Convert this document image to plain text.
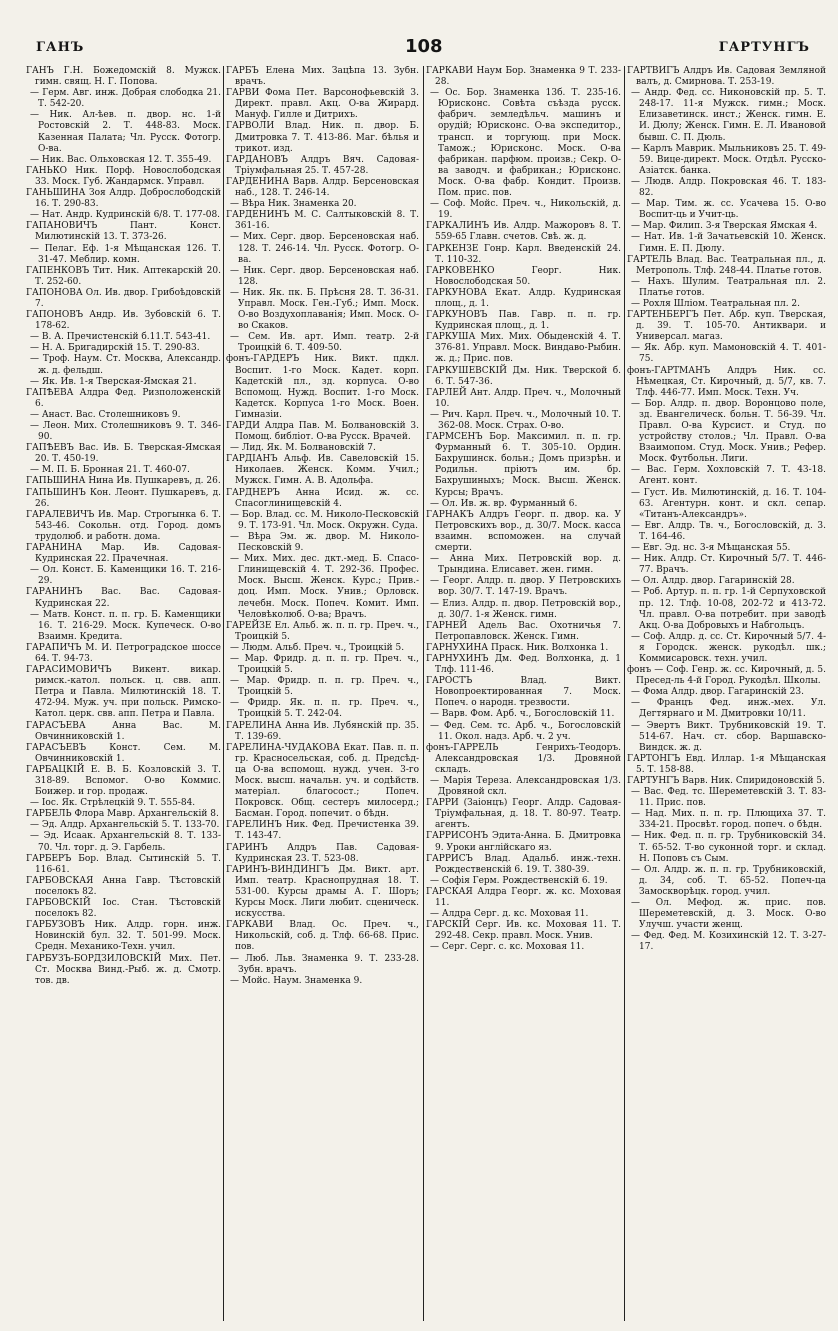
ГАНЪ	108	ГАРТУНГЪ

ГАНЪ Г.Н. Божедомскій 8. Мужск. гимн. свящ. Н. Г. Попова.

— Герм. Авг. инж. Добрая слободка 21. Т. 542-20.

— Ник. Ал-ѣев. п. двор. нс. 1-й Ростовскій 2. Т. 448-83. Моск. Казенная Палата; Чл. Русск. Фотогр. О-ва.

— Ник. Вас. Ольховская 12. Т. 355-49.

ГАНЬКО Ник. Порф. Новослободская 33. Моск. Губ. Жандармск. Управл.

ГАНЬШИНА Зоя Алдр. Доброслободскій 16. Т. 290-83.

— Нат. Андр. Кудринскій 6/8. Т. 177-08.

ГАПАНОВИЧЪ Пант. Конст. Милютинскій 13. Т. 373-26.

— Пелаг. Еф. 1-я Мѣщанская 126. Т. 31-47. Меблир. комн.

ГАПЕНКОВЪ Тит. Ник. Аптекарскій 20. Т. 252-60.

ГАПОНОВА Ол. Ив. двор. Грибоѣдовскій 7.

ГАПОНОВЪ Андр. Ив. Зубовскій 6. Т. 178-62.

— В. А. Пречистенскій б.11.Т. 543-41.

— Н. А. Бригадирскій 15. Т. 290-83.

— Троф. Наум. Ст. Москва, Александр. ж. д. фельдш.

— Як. Ив. 1-я Тверская-Ямская 21.

ГАПѢЕВА Алдра Фед. Ризположенскій 6.

— Анаст. Вас. Столешниковъ 9.

— Леон. Мих. Столешниковъ 9. Т. 346-90.

ГАПѢЕВЪ Вас. Ив. Б. Тверская-Ямская 20. Т. 450-19.

— М. П. Б. Бронная 21. Т. 460-07.

ГАПЬШИНА Нина Ив. Пушкаревъ, д. 26.

ГАПЬШИНЪ Кон. Леонт. Пушкаревъ, д. 26.

ГАРАЛЕВИЧЪ Ив. Мар. Строгынка 6. Т. 543-46. Сокольн. отд. Город. домъ трудолюб. и работн. дома.

ГАРАНИНА Мар. Ив. Садовая-Кудринская 22. Прачечная.

— Ол. Конст. Б. Каменщики 16. Т. 216-29.

ГАРАНИНЪ Вас. Вас. Садовая-Кудринская 22.

— Матв. Конст. п. п. гр. Б. Каменщики 16. Т. 216-29. Моск. Купеческ. О-во Взаимн. Кредита.

ГАРАПИЧЪ М. И. Петроградское шоссе 64. Т. 94-73.

ГАРАСИМОВИЧЪ Викент. викар. римск.-катол. польск. ц. свв. апп. Петра и Павла. Милютинскій 18. Т. 472-94. Муж. уч. при польск. Римско-Катол. церк. свв. апп. Петра и Павла.

ГАРАСЪЕВА Анна Вас. М. Овчинниковскій 1.

ГАРАСЪЕВЪ Конст. Сем. М. Овчинниковскій 1.

ГАРБАЦКІЙ Е. В. Б. Козловскій 3. Т. 318-89. Вспомог. О-во Коммис. Боижер. и гор. продаж.

— Іос. Як. Стрѣлецкій 9. Т. 555-84.

ГАРБЕЛЬ Флора Мавр. Архангельскій 8.

— Эд. Алдр. Архангельскій 5. Т. 133-70.

— Эд. Исаак. Архангельскій 8. Т. 133-70. Чл. торг. д. Э. Гарбель.

ГАРБЕРЪ Бор. Влад. Сытинскій 5. Т. 116-61.

ГАРБОВСКАЯ Анна Гавр. Тѣстовскій поселокъ 82.

ГАРБОВСКІЙ Іос. Стан. Тѣстовскій поселокъ 82.

ГАРБУЗОВЪ Ник. Алдр. горн. инж. Новинскій бул. 32. Т. 501-99. Моск. Средн. Механико-Техн. учил.

ГАРБУЗЪ-БОРДЗИЛОВСКІЙ Мих. Пет. Ст. Москва Винд.-Рыб. ж. д. Смотр. тов. дв.

ГАРБЪ Елена Мих. Зацѣпа 13. Зубн. врачъ.

ГАРВИ Фома Пет. Варсонофьевскій 3. Директ. правл. Акц. О-ва Жирард. Мануф. Гилле и Дитрихъ.

ГАРВОЛИ Влад. Ник. п. двор. Б. Дмитровка 7. Т. 413-86. Маг. бѣлья и трикот. изд.

ГАРДАНОВЪ Алдръ Вяч. Садовая-Тріумфальная 25. Т. 457-28.

ГАРДЕНИНА Варв. Алдр. Берсеновская наб., 128. Т. 246-14.

— Вѣра Ник. Знаменка 20.

ГАРДЕНИНЪ М. С. Салтыковскій 8. Т. 361-16.

— Мих. Серг. двор. Берсеновская наб. 128. Т. 246-14. Чл. Русск. Фотогр. О-ва.

— Ник. Серг. двор. Берсеновская наб. 128.

— Ник. Як. пк. Б. Прѣсня 28. Т. 36-31. Управл. Моск. Ген.-Губ.; Имп. Моск. О-во Воздухоплаванія; Имп. Моск. О-во Скаков.

— Сем. Ив. арт. Имп. театр. 2-й Троицкій 6. Т. 409-50.

фонъ-ГАРДЕРЪ Ник. Викт. пдкл. Воспит. 1-го Моск. Кадет. корп. Кадетскій пл., зд. корпуса. О-во Вспомощ. Нужд. Воспит. 1-го Моск. Кадетск. Корпуса 1-го Моск. Воен. Гимназіи.

ГАРДИ Алдра Пав. М. Болвановскій 3. Помощ. библіот. О-ва Русск. Врачей.

— Лид. Як. М. Болвановскій 7.

ГАРДІАНЪ Альф. Ив. Савеловскій 15. Николаев. Женск. Комм. Учил.; Мужск. Гимн. А. В. Адольфа.

ГАРДНЕРЪ Анна Исид. ж. сс. Спасоглинищевскій 4.

— Бор. Влад. сс. М. Николо-Песковскій 9. Т. 173-91. Чл. Моск. Окружн. Суда.

— Вѣра Эм. ж. двор. М. Николо-Песковскій 9.

— Мих. Мих. дес. дкт.-мед. Б. Спасо-Глинищевскій 4. Т. 292-36. Профес. Моск. Высш. Женск. Курс.; Прив.-доц. Имп. Моск. Унив.; Орловск. лечебн. Моск. Попеч. Комит. Имп. Человѣколюб. О-ва; Врачъ.

ГАРЕЙЗЕ Ел. Альб. ж. п. п. гр. Преч. ч., Троицкій 5.

— Людм. Альб. Преч. ч., Троицкій 5.

— Мар. Фридр. д. п. п. гр. Преч. ч., Троицкій 5.

— Мар. Фридр. п. п. гр. Преч. ч., Троицкій 5.

— Фридр. Як. п. п. гр. Преч. ч., Троицкій 5. Т. 242-04.

ГАРЕЛИНА Анна Ив. Лубянскій пр. 35. Т. 139-69.

ГАРЕЛИНА-ЧУДАКОВА Екат. Пав. п. п. гр. Красносельская, соб. д. Предсѣд-ца О-ва вспомощ. нужд. учен. 3-го Моск. высш. начальн. уч. и содѣйств. матеріал. благосост.; Попеч. Покровск. Общ. сестеръ милосерд.; Басман. Город. попечит. о бѣдн.

ГАРЕЛИНЪ Ник. Фед. Пречистенка 39. Т. 143-47.

ГАРИНЪ Алдръ Пав. Садовая-Кудринская 23. Т. 523-08.

ГАРИНЪ-ВИНДИНГЪ Дм. Викт. арт. Имп. театр. Краснопрудная 18. Т. 531-00. Курсы драмы А. Г. Шоръ; Курсы Моск. Лиги любит. сценическ. искусства.

ГАРКАВИ Влад. Ос. Преч. ч., Никольскій, соб. д. Тлф. 66-68. Прис. пов.

— Люб. Льв. Знаменка 9. Т. 233-28. Зубн. врачъ.

— Мойс. Наум. Знаменка 9.

ГАРКАВИ Наум Бор. Знаменка 9 Т. 233-28.

— Ос. Бор. Знаменка 13б. Т. 235-16. Юрисконс. Совѣта съѣзда русск. фабрич. земледѣльч. машинъ и орудій; Юрисконс. О-ва экспедитор., трансп. и торгующ. при Моск. Тамож.; Юрисконс. Моск. О-ва фабрикан. парфюм. произв.; Секр. О-ва заводч. и фабрикан.; Юрисконс. Моск. О-ва фабр. Кондит. Произв. Пом. прис. пов.

— Соф. Мойс. Преч. ч., Никольскій, д. 19.

ГАРКАЛИНЪ Ив. Алдр. Мажоровъ 8. Т. 559-65 Главн. счетов. Свѣ. ж. д.

ГАРКЕНЗЕ Гонр. Карл. Введенскій 24. Т. 110-32.

ГАРКОВЕНКО Георг. Ник. Новослободская 50.

ГАРКУНОВА Екат. Алдр. Кудринская площ., д. 1.

ГАРКУНОВЪ Пав. Гавр. п. п. гр. Кудринская площ., д. 1.

ГАРКУША Мих. Мих. Обыденскій 4. Т. 376-81. Управл. Моск. Виндаво-Рыбин. ж. д.; Прис. пов.

ГАРКУШЕВСКІЙ Дм. Ник. Тверской б. 6. Т. 547-36.

ГАРЛЕЙ Ант. Алдр. Преч. ч., Молочный 10.

— Рич. Карл. Преч. ч., Молочный 10. Т. 362-08. Моск. Страх. О-во.

ГАРМСЕНЪ Бор. Максимил. п. п. гр. Фурманный 6. Т. 305-10. Ордин. Бахрушинск. больн.; Домъ призрѣн. и Родильн. пріютъ им. бр. Бахрушиныхъ; Моск. Высш. Женск. Курсы; Врачъ.

— Ол. Ив. ж. вр. Фурманный 6.

ГАРНАКЪ Алдръ Георг. п. двор. ка. У Петровскихъ вор., д. 30/7. Моск. касса взаимн. вспоможен. на случай смерти.

— Анна Мих. Петровскій вор. д. Трындина. Елисавет. жен. гимн.

— Георг. Алдр. п. двор. У Петровскихъ вор. 30/7. Т. 147-19. Врачъ.

— Елиз. Алдр. п. двор. Петровскій вор., д. 30/7. 1-я Женск. гимн.

ГАРНЕЙ Адель Вас. Охотничья 7. Петропавловск. Женск. Гимн.

ГАРНУХИНА Праск. Ник. Волхонка 1.

ГАРНУХИНЪ Дм. Фед. Волхонка, д. 1 Тлф. 111-46.

ГАРОСТЪ Влад. Викт. Новопроектированная 7. Моск. Попеч. о народн. трезвости.

— Варв. Фом. Арб. ч., Богословскій 11.

— Фед. Сем. тс. Арб. ч., Богословскій 11. Окол. надз. Арб. ч. 2 уч.

фонъ-ГАРРЕЛЬ Генрихъ-Теодоръ. Александровская 1/3. Дровяной складъ.

— Марія Тереза. Александровская 1/3. Дровяной скл.

ГАРРИ (Заіонцъ) Георг. Алдр. Садовая-Тріумфальная, д. 18. Т. 80-97. Театр. агентъ.

ГАРРИСОНЪ Эдита-Анна. Б. Дмитровка 9. Уроки англійскаго яз.

ГАРРИСЪ Влад. Адальб. инж.-техн. Рождественскій 6. 19. Т. 380-39.

— Софія Герм. Рождественскій 6. 19.

ГАРСКАЯ Алдра Георг. ж. кс. Моховая 11.

— Алдра Серг. д. кс. Моховая 11.

ГАРСКІЙ Серг. Ив. кс. Моховая 11. Т. 292-48. Секр. правл. Моск. Унив.

— Серг. Серг. с. кс. Моховая 11.

ГАРТВИГЪ Алдръ Ив. Садовая Земляной валъ, д. Смирнова. Т. 253-19.

— Андр. Фед. сс. Никоновскій пр. 5. Т. 248-17. 11-я Мужск. гимн.; Моск. Елизаветинск. инст.; Женск. гимн. Е. И. Дюлу; Женск. Гимн. Е. Л. Ивановой бывш. С. П. Дюль.

— Карлъ Маврик. Мыльниковъ 25. Т. 49-59. Вице-директ. Моск. Отдѣл. Русско-Азіатск. банка.

— Людв. Алдр. Покровская 46. Т. 183-82.

— Мар. Тим. ж. сс. Усачева 15. О-во Воспит-ць и Учит-ць.

— Мар. Филип. 3-я Тверская Ямская 4.

— Нат. Ив. 1-й Зачатьевскій 10. Женск. Гимн. Е. П. Дюлу.

ГАРТЕЛЬ Влад. Вас. Театральная пл., д. Метрополь. Тлф. 248-44. Платье готов.

— Нахъ. Шулим. Театральная пл. 2. Платье готов.

— Рохля Шліом. Театральная пл. 2.

ГАРТЕНБЕРГЪ Пет. Абр. куп. Тверская, д. 39. Т. 105-70. Антиквари. и Универсал. магаз.

— Як. Абр. куп. Мамоновскій 4. Т. 401-75.

фонъ-ГАРТМАНЪ Алдръ Ник. сс. Нѣмецкая, Ст. Кирочный, д. 5/7, кв. 7. Тлф. 446-77. Имп. Моск. Техн. Уч.

— Бор. Алдр. п. двор. Воронцово поле, зд. Евангелическ. больн. Т. 56-39. Чл. Правл. О-ва Курсист. и Студ. по устройству столов.; Чл. Правл. О-ва Взаимопом. Студ. Моск. Унив.; Рефер. Моск. Футбольн. Лиги.

— Вас. Герм. Хохловскій 7. Т. 43-18. Агент. конт.

— Густ. Ив. Милютинскій, д. 16. Т. 104-63. Агентурн. конт. и скл. сепар. «Титанъ-Александръ».

— Евг. Алдр. Тв. ч., Богословскій, д. 3. Т. 164-46.

— Евг. Эд. нс. 3-я Мѣщанская 55.

— Ник. Алдр. Ст. Кирочный 5/7. Т. 446-77. Врачъ.

— Ол. Алдр. двор. Гагаринскій 28.

— Роб. Артур. п. п. гр. 1-й Серпуховской пр. 12. Тлф. 10-08, 202-72 и 413-72. Чл. правл. О-ва потребит. при заводѣ Акц. О-ва Добровыхъ и Набгольцъ.

— Соф. Алдр. д. сс. Ст. Кирочный 5/7. 4-я Городск. женск. рукодѣл. шк.; Коммисаровск. техн. учил.

фонъ — Соф. Генр. ж. сс. Кирочный, д. 5. Пресед-ль 4-й Город. Рукодѣл. Школы.

— Фома Алдр. двор. Гагаринскій 23.

— Францъ Фед. инж.-мех. Ул. Дегтярнаго и М. Дмитровки 10/11.

— Эвертъ Викт. Трубниковскій 19. Т. 514-67. Нач. ст. сбор. Варшавско-Виндск. ж. д.

ГАРТОНГЪ Евд. Иллар. 1-я Мѣщанская 5. Т. 158-88.

ГАРТУНГЪ Варв. Ник. Спиридоновскій 5.

— Вас. Фед. тс. Шереметевскій 3. Т. 83-11. Прис. пов.

— Над. Мих. п. п. гр. Плющиха 37. Т. 334-21. Просвѣт. город. попеч. о бѣдн.

— Ник. Фед. п. п. гр. Трубниковскій 34. Т. 65-52. Т-во суконной торг. и склад. Н. Поповъ съ Сым.

— Ол. Алдр. ж. п. п. гр. Трубниковскій, д. 34, соб. Т. 65-52. Попеч-ца Замоскворѣцк. город. учил.

— Ол. Мефод. ж. прис. пов. Шереметевскій, д. 3. Моск. О-во Улучш. участи женщ.

— Фед. Фед. М. Козихинскій 12. Т. 3-27-17.
